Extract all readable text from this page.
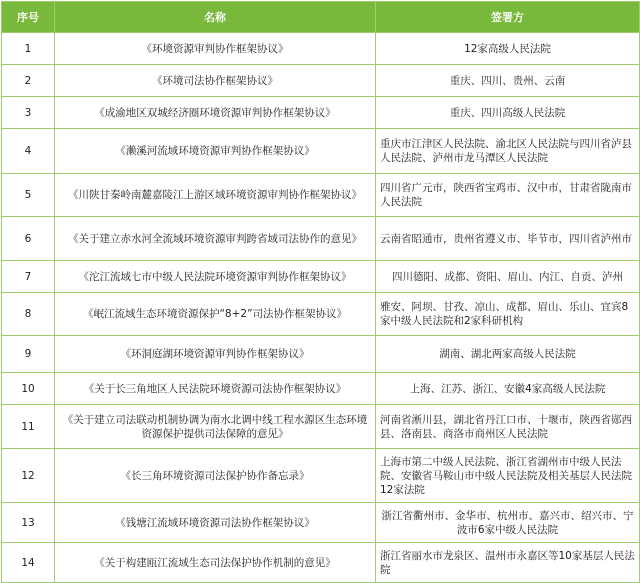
序号	名称	签署方
1	《环境资源审判协作框架协议》	12家高级人民法院
2	《环境司法协作框架协议》	重庆、四川、贵州、云南
3	《成渝地区双城经济圈环境资源审判协作框架协议》	重庆、四川高级人民法院
4	《濑溪河流域环境资源审判协作框架协议》	重庆市江津区人民法院、渝北区人民法院与四川省泸县人民法院、泸州市龙马潭区人民法院
5	《川陕甘秦岭南麓嘉陵江上游区域环境资源审判协作框架协议》	四川省广元市，陕西省宝鸡市、汉中市，甘肃省陇南市人民法院
6	《关于建立赤水河全流域环境资源审判跨省域司法协作的意见》	云南省昭通市，贵州省遵义市、毕节市，四川省泸州市
7	《沱江流域七市中级人民法院环境资源审判协作框架协议》	四川德阳、成都、资阳、眉山、内江、自贡、泸州
8	《岷江流域生态环境资源保护“8+2”司法协作框架协议》	雅安、阿坝、甘孜、凉山、成都、眉山、乐山、宜宾8家中级人民法院和2家科研机构
9	《环洞庭湖环境资源审判协作框架协议》	湖南、湖北两家高级人民法院
10	《关于长三角地区人民法院环境资源司法协作框架协议》	上海、江苏、浙江、安徽4家高级人民法院
11	《关于建立司法联动机制协调为南水北调中线工程水源区生态环境资源保护提供司法保障的意见》	河南省淅川县，湖北省丹江口市、十堰市，陕西省郧西县、洛南县、商洛市商州区人民法院
12	《长三角环境资源司法保护协作备忘录》	上海市第二中级人民法院、浙江省湖州市中级人民法院、安徽省马鞍山市中级人民法院及相关基层人民法院12家法院
13	《钱塘江流域环境资源司法协作框架协议》	浙江省衢州市、金华市、杭州市、嘉兴市、绍兴市、宁波市6家中级人民法院
14	《关于构建瓯江流域生态司法保护协作机制的意见》	浙江省丽水市龙泉区、温州市永嘉区等10家基层人民法院
